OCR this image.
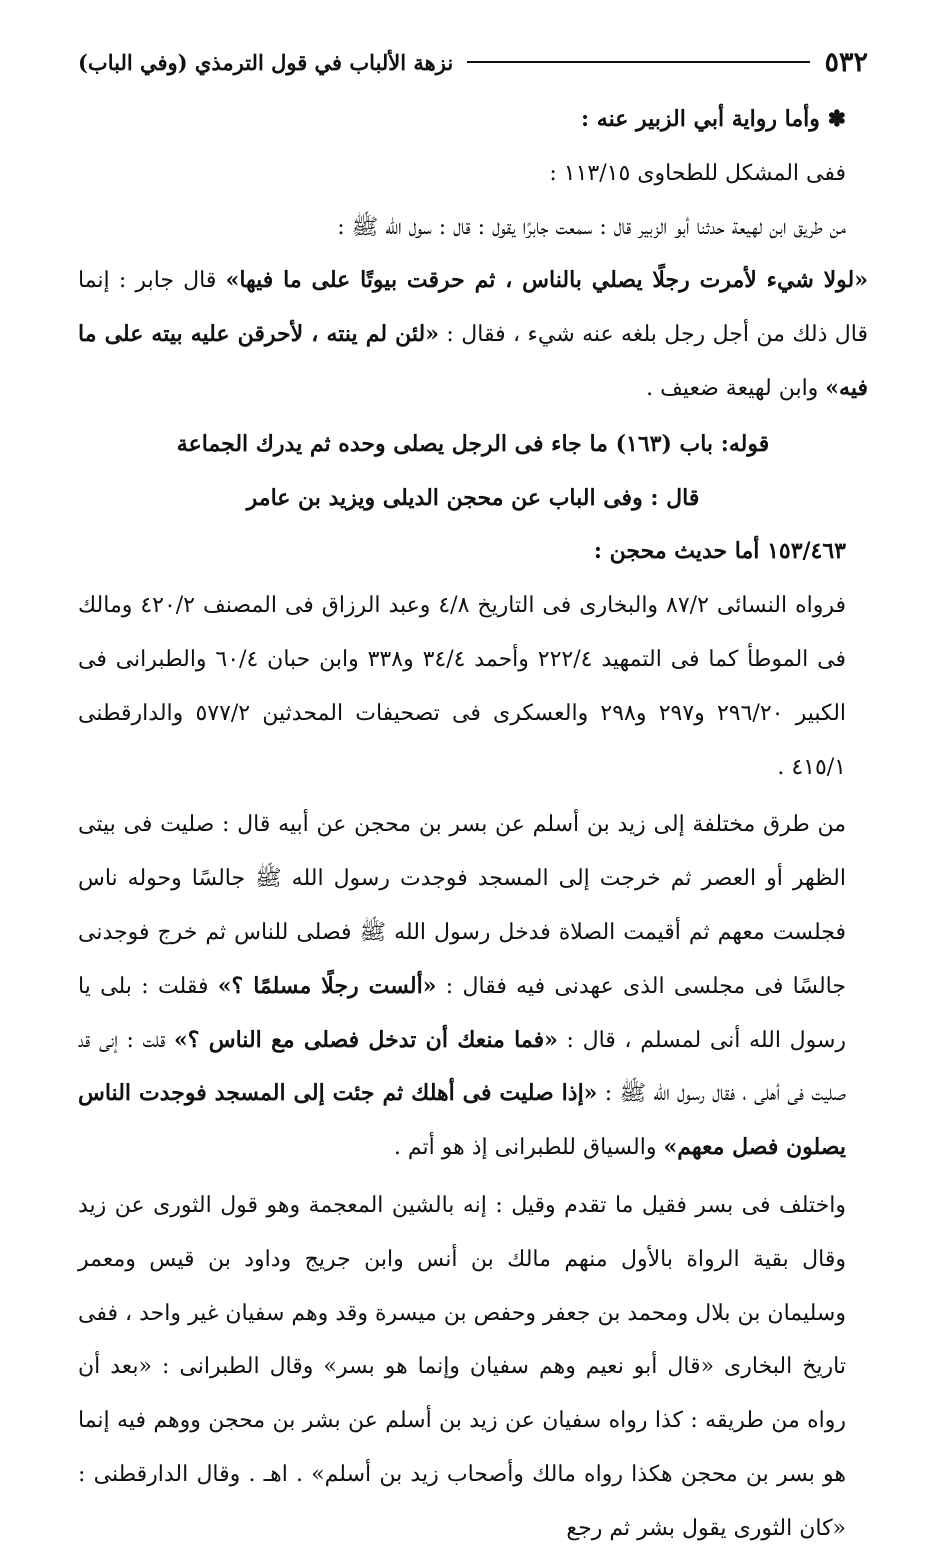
٥٣٢
نزهة الألباب في قول الترمذي (وفي الباب)

✽ وأما رواية أبي الزبير عنه :

ففى المشكل للطحاوى ١١٣/١٥ :

من طريق ابن لهيعة حدثنا أبو الزبير قال : سمعت جابرًا يقول : قال : سول الله ﷺ :

«لولا شيء لأمرت رجلًا يصلي بالناس ، ثم حرقت بيوتًا على ما فيها» قال جابر : إنما قال ذلك من أجل رجل بلغه عنه شيء ، فقال : «لئن لم ينته ، لأحرقن عليه بيته على ما فيه» وابن لهيعة ضعيف .

قوله: باب (١٦٣) ما جاء فى الرجل يصلى وحده ثم يدرك الجماعة

قال : وفى الباب عن محجن الديلى ويزيد بن عامر

١٥٣/٤٦٣ أما حديث محجن :

فرواه النسائى ٨٧/٢ والبخارى فى التاريخ ٤/٨ وعبد الرزاق فى المصنف ٤٢٠/٢ ومالك فى الموطأ كما فى التمهيد ٢٢٢/٤ وأحمد ٣٤/٤ و٣٣٨ وابن حبان ٦٠/٤ والطبرانى فى الكبير ٢٩٦/٢٠ و٢٩٧ و٢٩٨ والعسكرى فى تصحيفات المحدثين ٥٧٧/٢ والدارقطنى ٤١٥/١ .

من طرق مختلفة إلى زيد بن أسلم عن بسر بن محجن عن أبيه قال : صليت فى بيتى الظهر أو العصر ثم خرجت إلى المسجد فوجدت رسول الله ﷺ جالسًا وحوله ناس فجلست معهم ثم أقيمت الصلاة فدخل رسول الله ﷺ فصلى للناس ثم خرج فوجدنى جالسًا فى مجلسى الذى عهدنى فيه فقال : «ألست رجلًا مسلمًا ؟» فقلت : بلى يا رسول الله أنى لمسلم ، قال : «فما منعك أن تدخل فصلى مع الناس ؟» قلت : إنى قد صليت فى أهلى ، فقال رسول الله ﷺ : «إذا صليت فى أهلك ثم جئت إلى المسجد فوجدت الناس يصلون فصل معهم» والسياق للطبرانى إذ هو أتم .

واختلف فى بسر فقيل ما تقدم وقيل : إنه بالشين المعجمة وهو قول الثورى عن زيد وقال بقية الرواة بالأول منهم مالك بن أنس وابن جريج وداود بن قيس ومعمر وسليمان بن بلال ومحمد بن جعفر وحفص بن ميسرة وقد وهم سفيان غير واحد ، ففى تاريخ البخارى «قال أبو نعيم وهم سفيان وإنما هو بسر» وقال الطبرانى : «بعد أن رواه من طريقه : كذا رواه سفيان عن زيد بن أسلم عن بشر بن محجن ووهم فيه إنما هو بسر بن محجن هكذا رواه مالك وأصحاب زيد بن أسلم» . اهـ . وقال الدارقطنى : «كان الثورى يقول بشر ثم رجع
